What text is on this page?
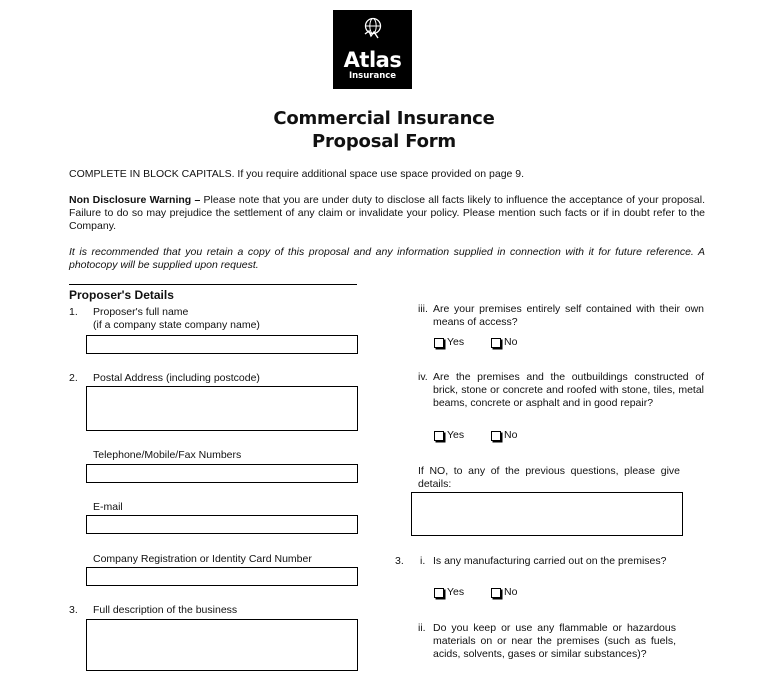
Atlas
Insurance
Commercial Insurance
Proposal Form
COMPLETE IN BLOCK CAPITALS. If you require additional space use space provided on page 9.
Non Disclosure Warning – Please note that you are under duty to disclose all facts likely to influence the acceptance of your proposal. Failure to do so may prejudice the settlement of any claim or invalidate your policy. Please mention such facts or if in doubt refer to the Company.
It is recommended that you retain a copy of this proposal and any information supplied in connection with it for future reference. A photocopy will be supplied upon request.
Proposer's Details
1. Proposer's full name
(if a company state company name)
2. Postal Address (including postcode)
Telephone/Mobile/Fax Numbers
E-mail
Company Registration or Identity Card Number
3. Full description of the business
iii. Are your premises entirely self contained with their own means of access?
Yes	No
iv. Are the premises and the outbuildings constructed of brick, stone or concrete and roofed with stone, tiles, metal beams, concrete or asphalt and in good repair?
Yes	No
If NO, to any of the previous questions, please give details:
3. i. Is any manufacturing carried out on the premises?
Yes	No
ii. Do you keep or use any flammable or hazardous materials on or near the premises (such as fuels, acids, solvents, gases or similar substances)?
